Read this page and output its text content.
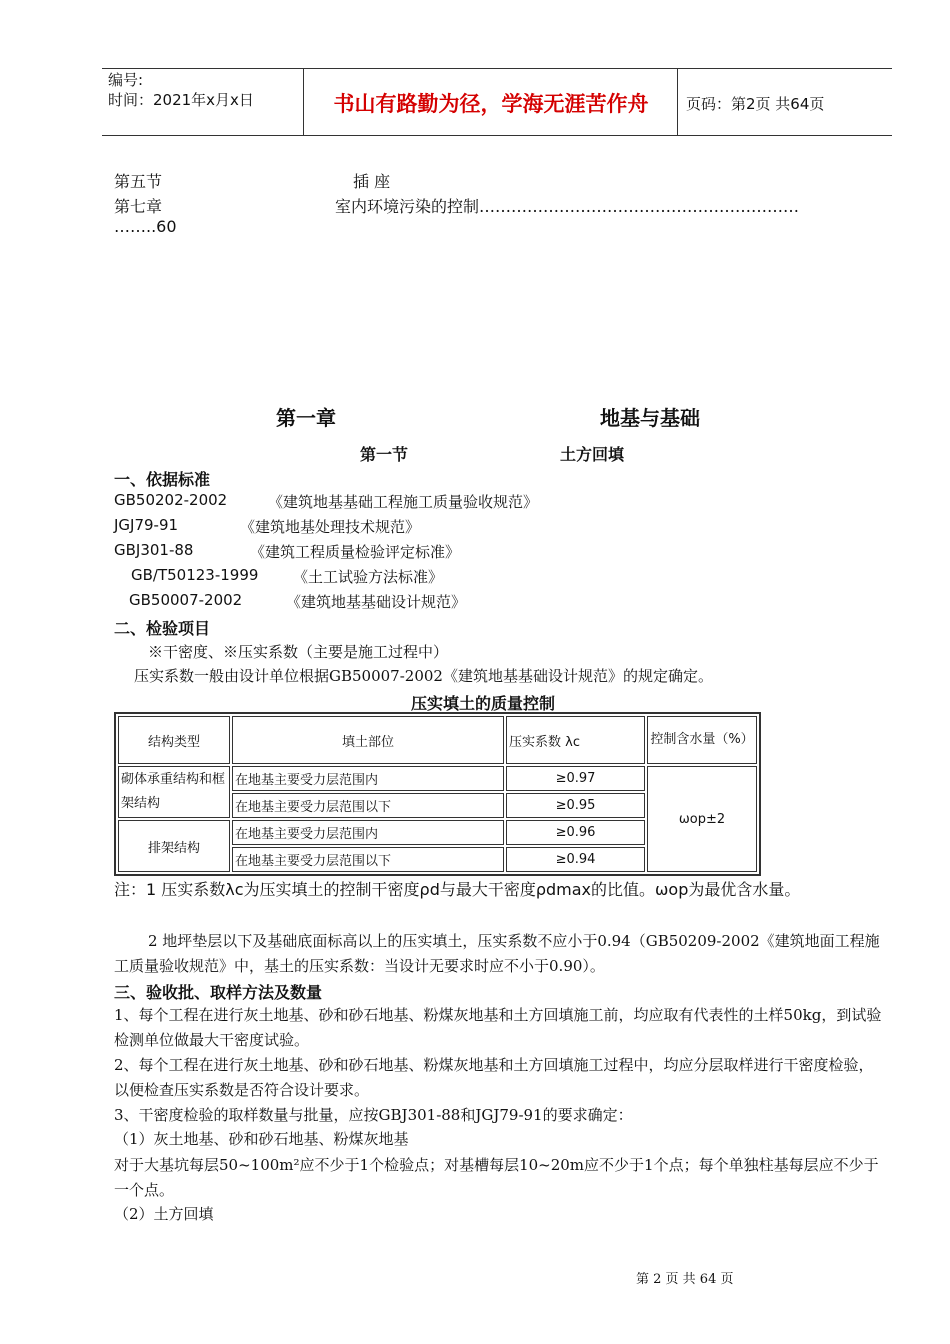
编号:
时间：2021年x月x日	书山有路勤为径，学海无涯苦作舟	页码：第2页 共64页
第五节	插 座
第七章	室内环境污染的控制……………………………………………………
……..60
第一章	地基与基础
第一节	土方回填
一、依据标准
GB50202-2002	《建筑地基基础工程施工质量验收规范》
JGJ79-91	《建筑地基处理技术规范》
GBJ301-88	《建筑工程质量检验评定标准》
GB/T50123-1999 《土工试验方法标准》
GB50007-2002	《建筑地基基础设计规范》
二、检验项目
※干密度、※压实系数（主要是施工过程中）
压实系数一般由设计单位根据GB50007-2002《建筑地基基础设计规范》的规定确定。
压实填土的质量控制
结构类型	填土部位	压实系数 λc	控制含水量（%）
砌体承重结构和框架结构	在地基主要受力层范围内	≥0.97	ωop±2
	在地基主要受力层范围以下	≥0.95	
排架结构	在地基主要受力层范围内	≥0.96	
	在地基主要受力层范围以下	≥0.94	
注：1 压实系数λc为压实填土的控制干密度ρd与最大干密度ρdmax的比值。ωop为最优含水量。
2 地坪垫层以下及基础底面标高以上的压实填土，压实系数不应小于0.94（GB50209-2002《建筑地面工程施工质量验收规范》中，基土的压实系数：当设计无要求时应不小于0.90）。
三、验收批、取样方法及数量
1、每个工程在进行灰土地基、砂和砂石地基、粉煤灰地基和土方回填施工前，均应取有代表性的土样50kg，到试验检测单位做最大干密度试验。
2、每个工程在进行灰土地基、砂和砂石地基、粉煤灰地基和土方回填施工过程中，均应分层取样进行干密度检验，以便检查压实系数是否符合设计要求。
3、干密度检验的取样数量与批量，应按GBJ301-88和JGJ79-91的要求确定：
（1）灰土地基、砂和砂石地基、粉煤灰地基
对于大基坑每层50~100m²应不少于1个检验点；对基槽每层10~20m应不少于1个点；每个单独柱基每层应不少于一个点。
（2）土方回填
第 2 页 共 64 页
